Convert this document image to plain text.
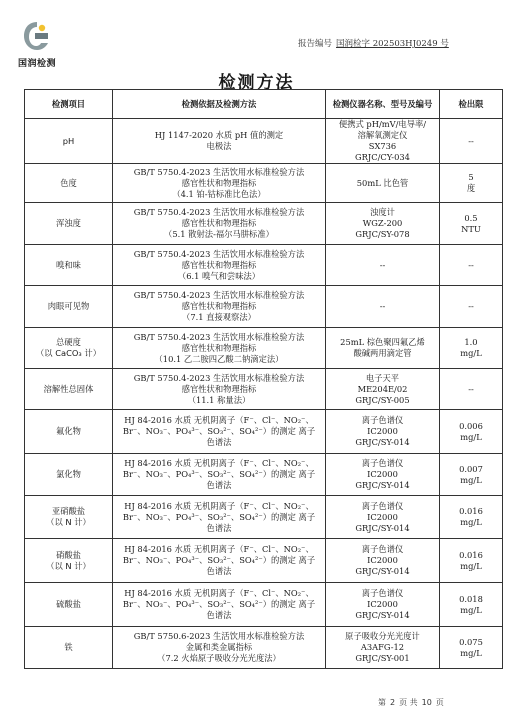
国润检测
报告编号 国润检字 202503HJ0249 号
检测方法
检测项目	检测依据及检测方法	检测仪器名称、型号及编号	检出限

pH	HJ 1147-2020 水质 pH 值的测定
电极法	便携式 pH/mV/电导率/
溶解氧测定仪
SX736
GRJC/CY-034	--

色度	GB/T 5750.4-2023 生活饮用水标准检验方法
感官性状和物理指标
（4.1 铂-钴标准比色法）	50mL 比色管	5
度

浑浊度	GB/T 5750.4-2023 生活饮用水标准检验方法
感官性状和物理指标
（5.1 散射法-福尔马肼标准）	浊度计
WGZ-200
GRJC/SY-078	0.5
NTU

嗅和味	GB/T 5750.4-2023 生活饮用水标准检验方法
感官性状和物理指标
（6.1 嗅气和尝味法）	--	--

肉眼可见物	GB/T 5750.4-2023 生活饮用水标准检验方法
感官性状和物理指标
（7.1 直接观察法）	--	--

总硬度
（以 CaCO₃ 计）	GB/T 5750.4-2023 生活饮用水标准检验方法
感官性状和物理指标
（10.1 乙二胺四乙酸二钠滴定法）	25mL 棕色聚四氟乙烯
酸碱两用滴定管	1.0
mg/L

溶解性总固体	GB/T 5750.4-2023 生活饮用水标准检验方法
感官性状和物理指标
（11.1 称量法）	电子天平
ME204E/02
GRJC/SY-005	--

氟化物	HJ 84-2016 水质 无机阴离子（F⁻、Cl⁻、NO₂⁻、
Br⁻、NO₃⁻、PO₄³⁻、SO₃²⁻、SO₄²⁻）的测定 离子
色谱法	离子色谱仪
IC2000
GRJC/SY-014	0.006
mg/L

氯化物	HJ 84-2016 水质 无机阴离子（F⁻、Cl⁻、NO₂⁻、
Br⁻、NO₃⁻、PO₄³⁻、SO₃²⁻、SO₄²⁻）的测定 离子
色谱法	离子色谱仪
IC2000
GRJC/SY-014	0.007
mg/L

亚硝酸盐
（以 N 计）	HJ 84-2016 水质 无机阴离子（F⁻、Cl⁻、NO₂⁻、
Br⁻、NO₃⁻、PO₄³⁻、SO₃²⁻、SO₄²⁻）的测定 离子
色谱法	离子色谱仪
IC2000
GRJC/SY-014	0.016
mg/L

硝酸盐
（以 N 计）	HJ 84-2016 水质 无机阴离子（F⁻、Cl⁻、NO₂⁻、
Br⁻、NO₃⁻、PO₄³⁻、SO₃²⁻、SO₄²⁻）的测定 离子
色谱法	离子色谱仪
IC2000
GRJC/SY-014	0.016
mg/L

硫酸盐	HJ 84-2016 水质 无机阴离子（F⁻、Cl⁻、NO₂⁻、
Br⁻、NO₃⁻、PO₄³⁻、SO₃²⁻、SO₄²⁻）的测定 离子
色谱法	离子色谱仪
IC2000
GRJC/SY-014	0.018
mg/L

铁	GB/T 5750.6-2023 生活饮用水标准检验方法
金属和类金属指标
（7.2 火焰原子吸收分光光度法）	原子吸收分光光度计
A3AFG-12
GRJC/SY-001	0.075
mg/L
第 2 页 共 10 页
